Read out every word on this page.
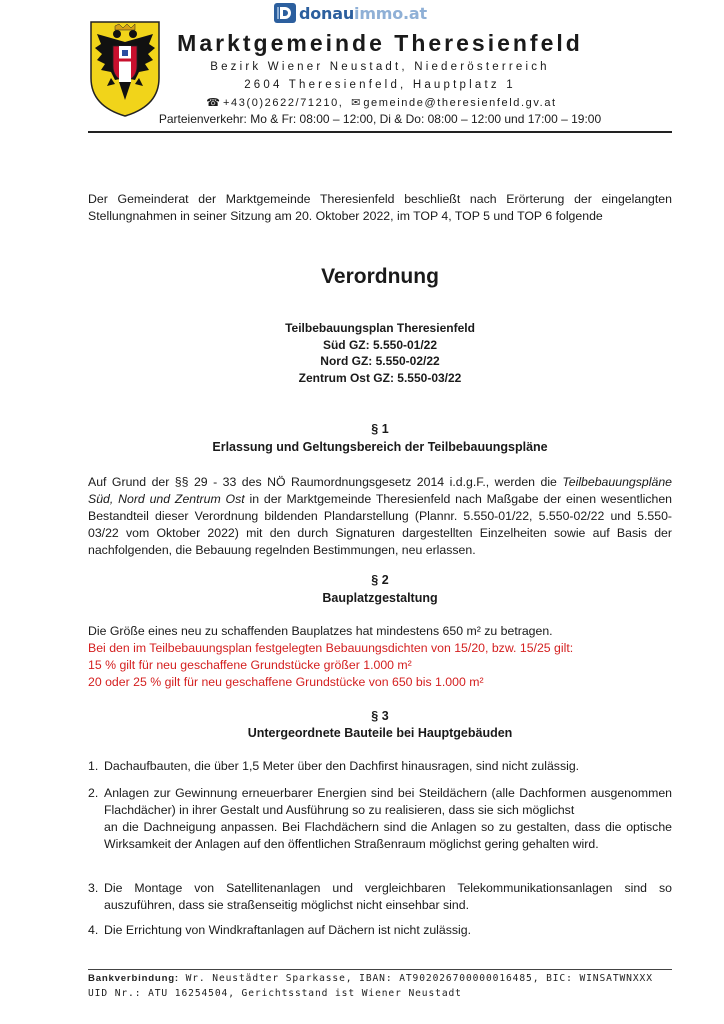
donauimmo.at
Marktgemeinde Theresienfeld
Bezirk Wiener Neustadt, Niederösterreich
2604 Theresienfeld, Hauptplatz 1
☎ +43(0)2622/71210, ✉ gemeinde@theresienfeld.gv.at
Parteienverkehr: Mo & Fr: 08:00 – 12:00, Di & Do: 08:00 – 12:00 und 17:00 – 19:00
Der Gemeinderat der Marktgemeinde Theresienfeld beschließt nach Erörterung der eingelangten Stellungnahmen in seiner Sitzung am 20. Oktober 2022, im TOP 4, TOP 5 und TOP 6 folgende
Verordnung
Teilbebauungsplan Theresienfeld
Süd GZ: 5.550-01/22
Nord GZ: 5.550-02/22
Zentrum Ost GZ: 5.550-03/22
§ 1
Erlassung und Geltungsbereich der Teilbebauungspläne
Auf Grund der §§ 29 - 33 des NÖ Raumordnungsgesetz 2014 i.d.g.F., werden die Teilbebauungspläne Süd, Nord und Zentrum Ost in der Marktgemeinde Theresienfeld nach Maßgabe der einen wesentlichen Bestandteil dieser Verordnung bildenden Plandarstellung (Plannr. 5.550-01/22, 5.550-02/22 und 5.550-03/22 vom Oktober 2022) mit den durch Signaturen dargestellten Einzelheiten sowie auf Basis der nachfolgenden, die Bebauung regelnden Bestimmungen, neu erlassen.
§ 2
Bauplatzgestaltung
Die Größe eines neu zu schaffenden Bauplatzes hat mindestens 650 m² zu betragen.
Bei den im Teilbebauungsplan festgelegten Bebauungsdichten von 15/20, bzw. 15/25 gilt:
15 % gilt für neu geschaffene Grundstücke größer 1.000 m²
20 oder 25 % gilt für neu geschaffene Grundstücke von 650 bis 1.000 m²
§ 3
Untergeordnete Bauteile bei Hauptgebäuden
1. Dachaufbauten, die über 1,5 Meter über den Dachfirst hinausragen, sind nicht zulässig.
2. Anlagen zur Gewinnung erneuerbarer Energien sind bei Steildächern (alle Dachformen ausgenommen Flachdächer) in ihrer Gestalt und Ausführung so zu realisieren, dass sie sich möglichst
an die Dachneigung anpassen. Bei Flachdächern sind die Anlagen so zu gestalten, dass die optische Wirksamkeit der Anlagen auf den öffentlichen Straßenraum möglichst gering gehalten wird.
3. Die Montage von Satellitenanlagen und vergleichbaren Telekommunikationsanlagen sind so auszuführen, dass sie straßenseitig möglichst nicht einsehbar sind.
4. Die Errichtung von Windkraftanlagen auf Dächern ist nicht zulässig.
Bankverbindung: Wr. Neustädter Sparkasse, IBAN: AT902026700000016485, BIC: WINSATWNXXX
UID Nr.: ATU 16254504, Gerichtsstand ist Wiener Neustadt
